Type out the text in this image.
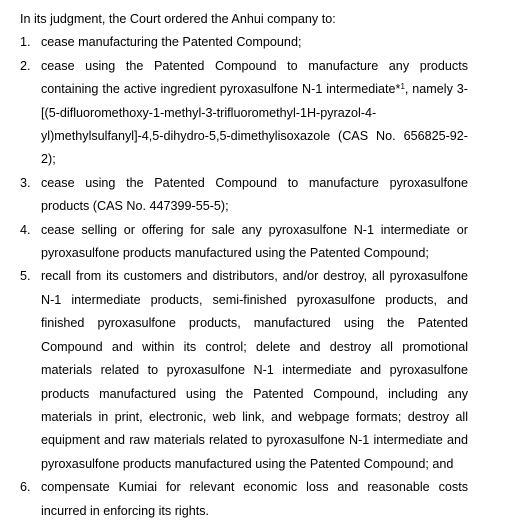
In its judgment, the Court ordered the Anhui company to:

1. cease manufacturing the Patented Compound;
2. cease using the Patented Compound to manufacture any products containing the active ingredient pyroxasulfone N-1 intermediate*$^1$, namely 3-[(5-difluoromethoxy-1-methyl-3-trifluoromethyl-1H-pyrazol-4-yl)methylsulfanyl]-4,5-dihydro-5,5-dimethylisoxazole (CAS No. 656825-92-2);
3. cease using the Patented Compound to manufacture pyroxasulfone products (CAS No. 447399-55-5);
4. cease selling or offering for sale any pyroxasulfone N-1 intermediate or pyroxasulfone products manufactured using the Patented Compound;
5. recall from its customers and distributors, and/or destroy, all pyroxasulfone N-1 intermediate products, semi-finished pyroxasulfone products, and finished pyroxasulfone products, manufactured using the Patented Compound and within its control; delete and destroy all promotional materials related to pyroxasulfone N-1 intermediate and pyroxasulfone products manufactured using the Patented Compound, including any materials in print, electronic, web link, and webpage formats; destroy all equipment and raw materials related to pyroxasulfone N-1 intermediate and pyroxasulfone products manufactured using the Patented Compound; and
6. compensate Kumiai for relevant economic loss and reasonable costs incurred in enforcing its rights.
